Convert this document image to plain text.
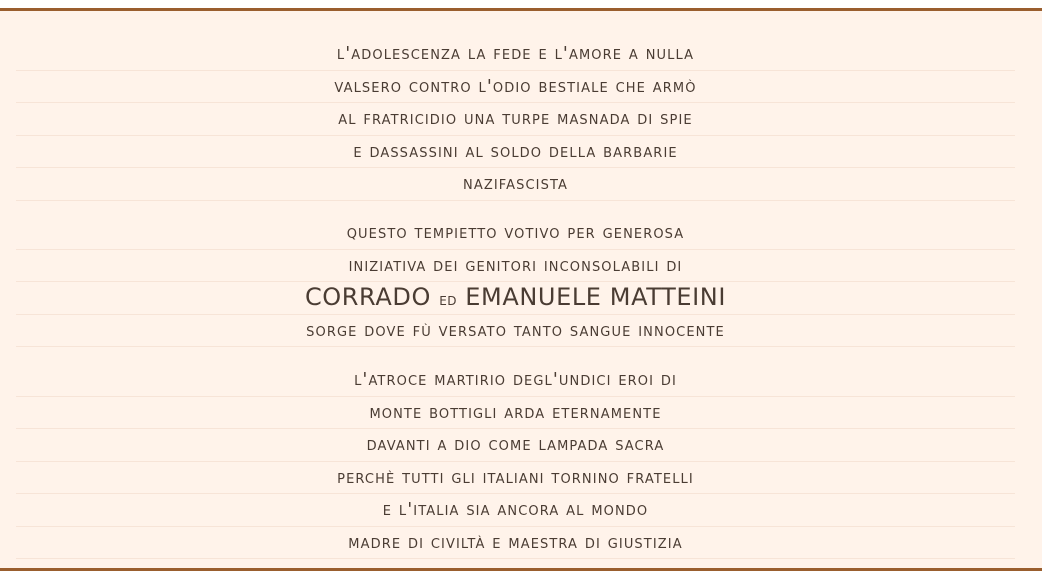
l'adolescenza la fede e l'amore a nulla
valsero contro l'odio bestiale che armò
al fratricidio una turpe masnada di spie
e dassassini al soldo della barbarie
nazifascista
questo tempietto votivo per generosa
iniziativa dei genitori inconsolabili di
CORRADO ed EMANUELE MATTEINI
sorge dove fù versato tanto sangue innocente
l'atroce martirio degl'undici eroi di
monte bottigli arda eternamente
davanti a dio come lampada sacra
perchè tutti gli italiani tornino fratelli
e l'italia sia ancora al mondo
madre di civiltà e maestra di giustizia
